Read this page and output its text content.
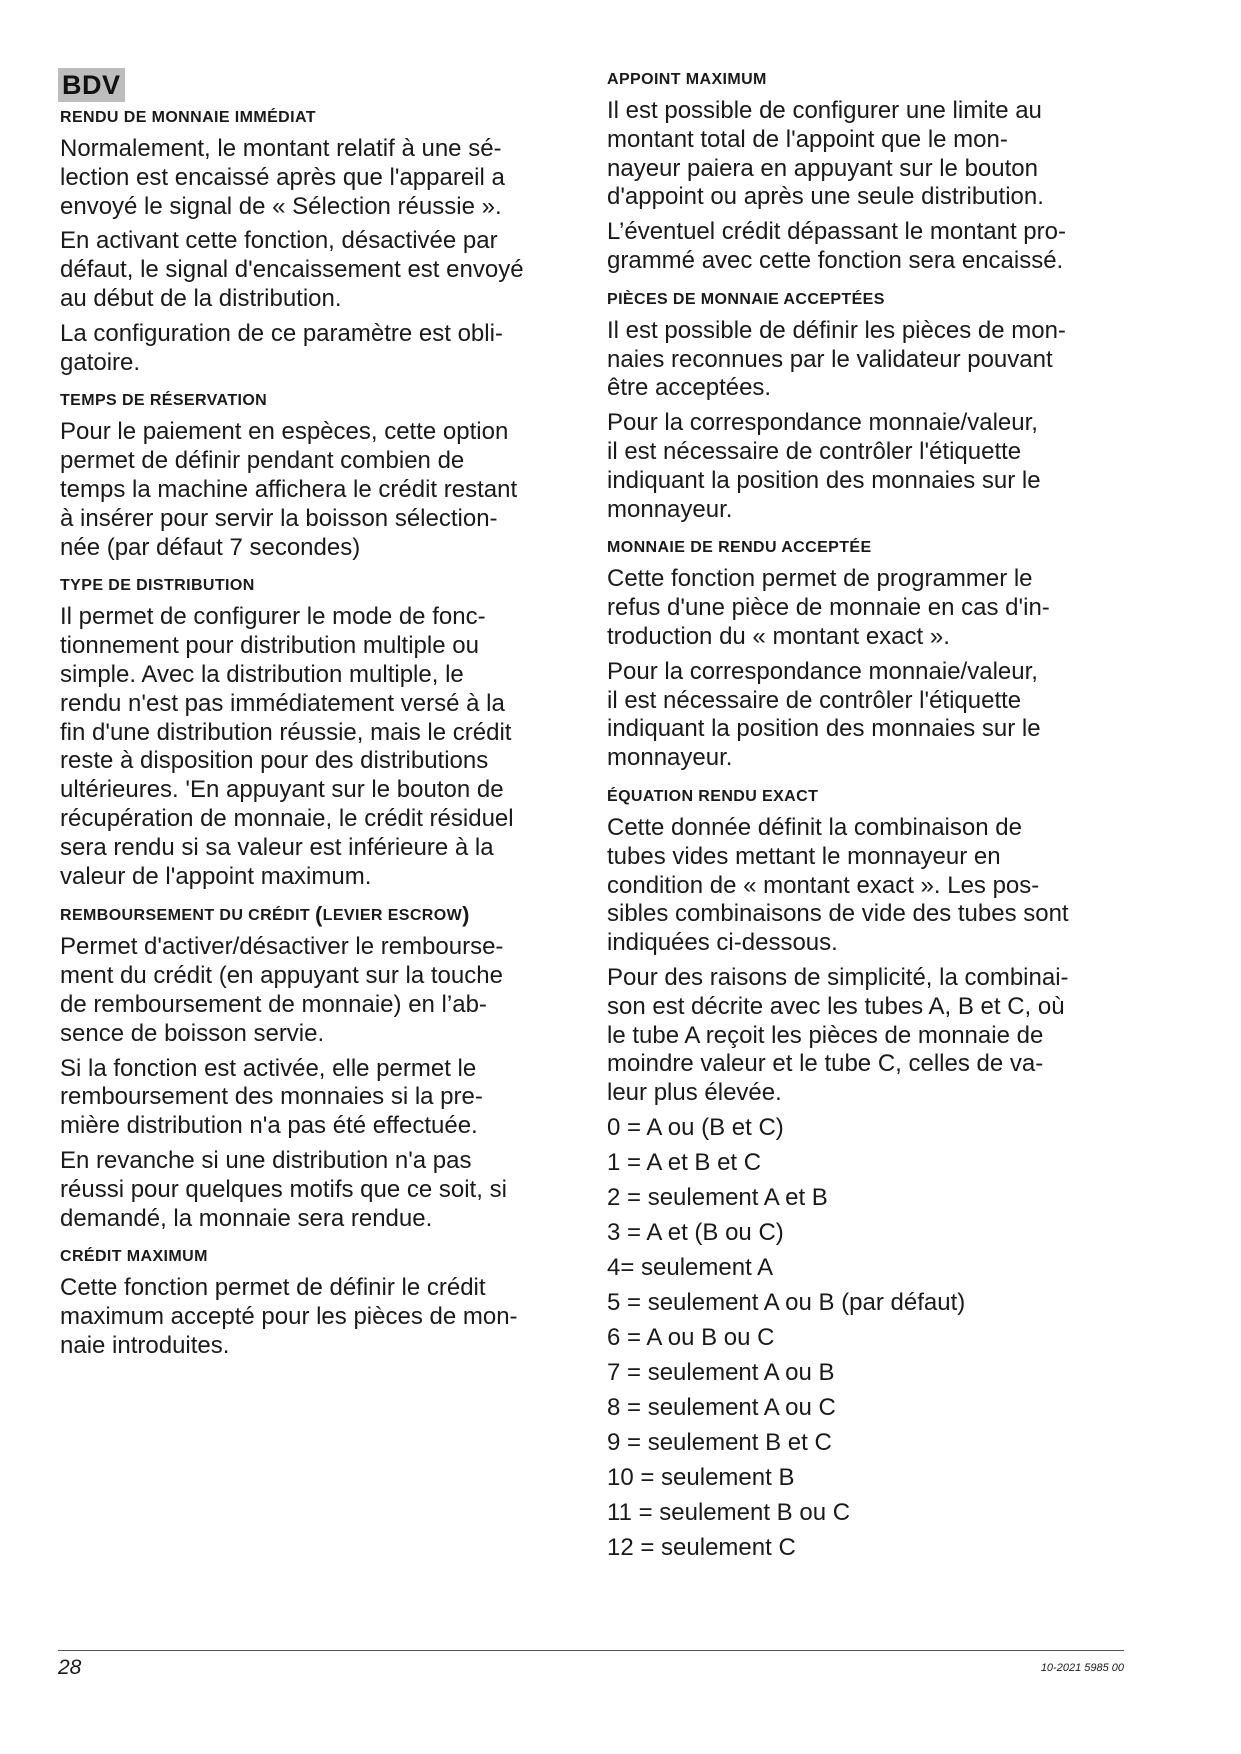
BDV
RENDU DE MONNAIE IMMÉDIAT
Normalement, le montant relatif à une sé-
lection est encaissé après que l'appareil a
envoyé le signal de « Sélection réussie ».
En activant cette fonction, désactivée par
défaut, le signal d'encaissement est envoyé
au début de la distribution.
La configuration de ce paramètre est obli-
gatoire.
TEMPS DE RÉSERVATION
Pour le paiement en espèces, cette option
permet de définir pendant combien de
temps la machine affichera le crédit restant
à insérer pour servir la boisson sélection-
née (par défaut 7 secondes)
TYPE DE DISTRIBUTION
Il permet de configurer le mode de fonc-
tionnement pour distribution multiple ou
simple. Avec la distribution multiple, le
rendu n'est pas immédiatement versé à la
fin d'une distribution réussie, mais le crédit
reste à disposition pour des distributions
ultérieures. 'En appuyant sur le bouton de
récupération de monnaie, le crédit résiduel
sera rendu si sa valeur est inférieure à la
valeur de l'appoint maximum.
REMBOURSEMENT DU CRÉDIT (LEVIER ESCROW)
Permet d'activer/désactiver le rembourse-
ment du crédit (en appuyant sur la touche
de remboursement de monnaie) en l’ab-
sence de boisson servie.
Si la fonction est activée, elle permet le
remboursement des monnaies si la pre-
mière distribution n'a pas été effectuée.
En revanche si une distribution n'a pas
réussi pour quelques motifs que ce soit, si
demandé, la monnaie sera rendue.
CRÉDIT MAXIMUM
Cette fonction permet de définir le crédit
maximum accepté pour les pièces de mon-
naie introduites.
APPOINT MAXIMUM
Il est possible de configurer une limite au
montant total de l'appoint que le mon-
nayeur paiera en appuyant sur le bouton
d'appoint ou après une seule distribution.
L’éventuel crédit dépassant le montant pro-
grammé avec cette fonction sera encaissé.
PIÈCES DE MONNAIE ACCEPTÉES
Il est possible de définir les pièces de mon-
naies reconnues par le validateur pouvant
être acceptées.
Pour la correspondance monnaie/valeur,
il est nécessaire de contrôler l'étiquette
indiquant la position des monnaies sur le
monnayeur.
MONNAIE DE RENDU ACCEPTÉE
Cette fonction permet de programmer le
refus d'une pièce de monnaie en cas d'in-
troduction du « montant exact ».
Pour la correspondance monnaie/valeur,
il est nécessaire de contrôler l'étiquette
indiquant la position des monnaies sur le
monnayeur.
ÉQUATION RENDU EXACT
Cette donnée définit la combinaison de
tubes vides mettant le monnayeur en
condition de « montant exact ». Les pos-
sibles combinaisons de vide des tubes sont
indiquées ci-dessous.
Pour des raisons de simplicité, la combinai-
son est décrite avec les tubes A, B et C, où
le tube A reçoit les pièces de monnaie de
moindre valeur et le tube C, celles de va-
leur plus élevée.
0 = A ou (B et C)
1 = A et B et C
2 = seulement A et B
3 = A et (B ou C)
4= seulement A
5 = seulement A ou B (par défaut)
6 = A ou B ou C
7 = seulement A ou B
8 = seulement A ou C
9 = seulement B et C
10 = seulement B
11 = seulement B ou C
12 = seulement C
28	10-2021 5985 00
